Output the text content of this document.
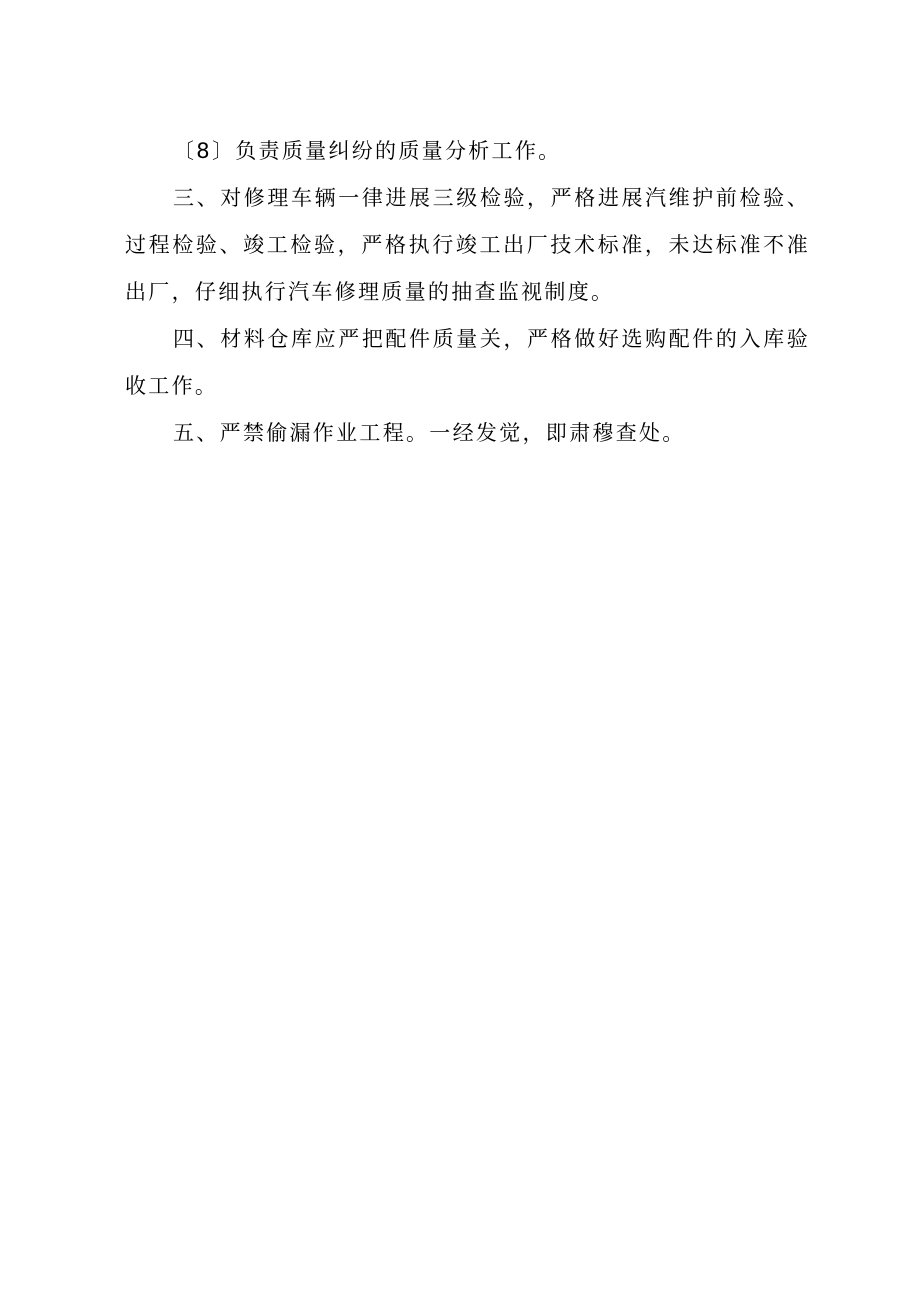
〔8〕负责质量纠纷的质量分析工作。

三、对修理车辆一律进展三级检验，严格进展汽维护前检验、过程检验、竣工检验，严格执行竣工出厂技术标准，未达标准不准出厂，仔细执行汽车修理质量的抽查监视制度。

四、材料仓库应严把配件质量关，严格做好选购配件的入库验收工作。

五、严禁偷漏作业工程。一经发觉，即肃穆查处。
